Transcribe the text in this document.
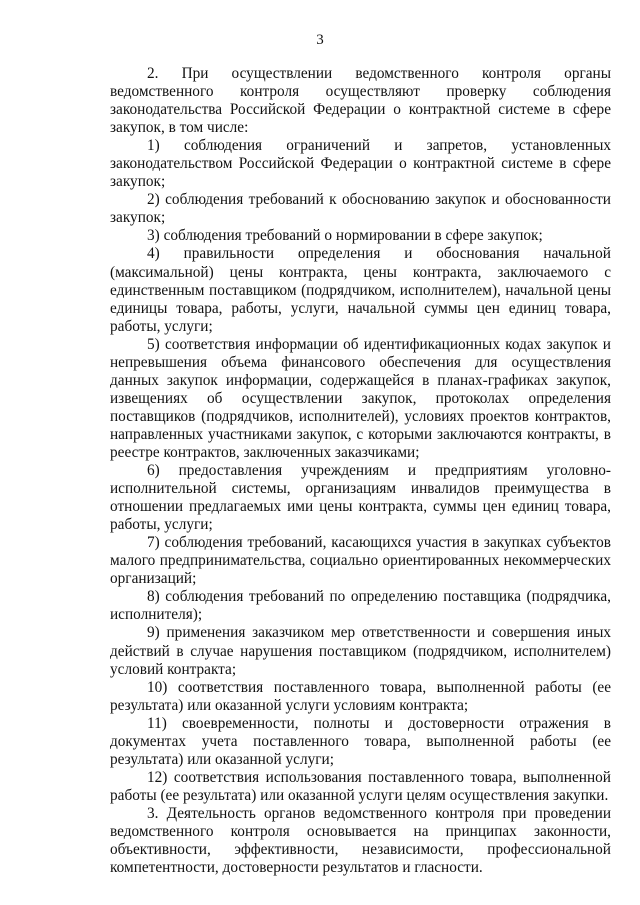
3

2. При осуществлении ведомственного контроля органы ведомственного контроля осуществляют проверку соблюдения законодательства Российской Федерации о контрактной системе в сфере закупок, в том числе:

1) соблюдения ограничений и запретов, установленных законодательством Российской Федерации о контрактной системе в сфере закупок;

2) соблюдения требований к обоснованию закупок и обоснованности закупок;

3) соблюдения требований о нормировании в сфере закупок;

4) правильности определения и обоснования начальной (максимальной) цены контракта, цены контракта, заключаемого с единственным поставщиком (подрядчиком, исполнителем), начальной цены единицы товара, работы, услуги, начальной суммы цен единиц товара, работы, услуги;

5) соответствия информации об идентификационных кодах закупок и непревышения объема финансового обеспечения для осуществления данных закупок информации, содержащейся в планах-графиках закупок, извещениях об осуществлении закупок, протоколах определения поставщиков (подрядчиков, исполнителей), условиях проектов контрактов, направленных участниками закупок, с которыми заключаются контракты, в реестре контрактов, заключенных заказчиками;

6) предоставления учреждениям и предприятиям уголовно-исполнительной системы, организациям инвалидов преимущества в отношении предлагаемых ими цены контракта, суммы цен единиц товара, работы, услуги;

7) соблюдения требований, касающихся участия в закупках субъектов малого предпринимательства, социально ориентированных некоммерческих организаций;

8) соблюдения требований по определению поставщика (подрядчика, исполнителя);

9) применения заказчиком мер ответственности и совершения иных действий в случае нарушения поставщиком (подрядчиком, исполнителем) условий контракта;

10) соответствия поставленного товара, выполненной работы (ее результата) или оказанной услуги условиям контракта;

11) своевременности, полноты и достоверности отражения в документах учета поставленного товара, выполненной работы (ее результата) или оказанной услуги;

12) соответствия использования поставленного товара, выполненной работы (ее результата) или оказанной услуги целям осуществления закупки.

3. Деятельность органов ведомственного контроля при проведении ведомственного контроля основывается на принципах законности, объективности, эффективности, независимости, профессиональной компетентности, достоверности результатов и гласности.
